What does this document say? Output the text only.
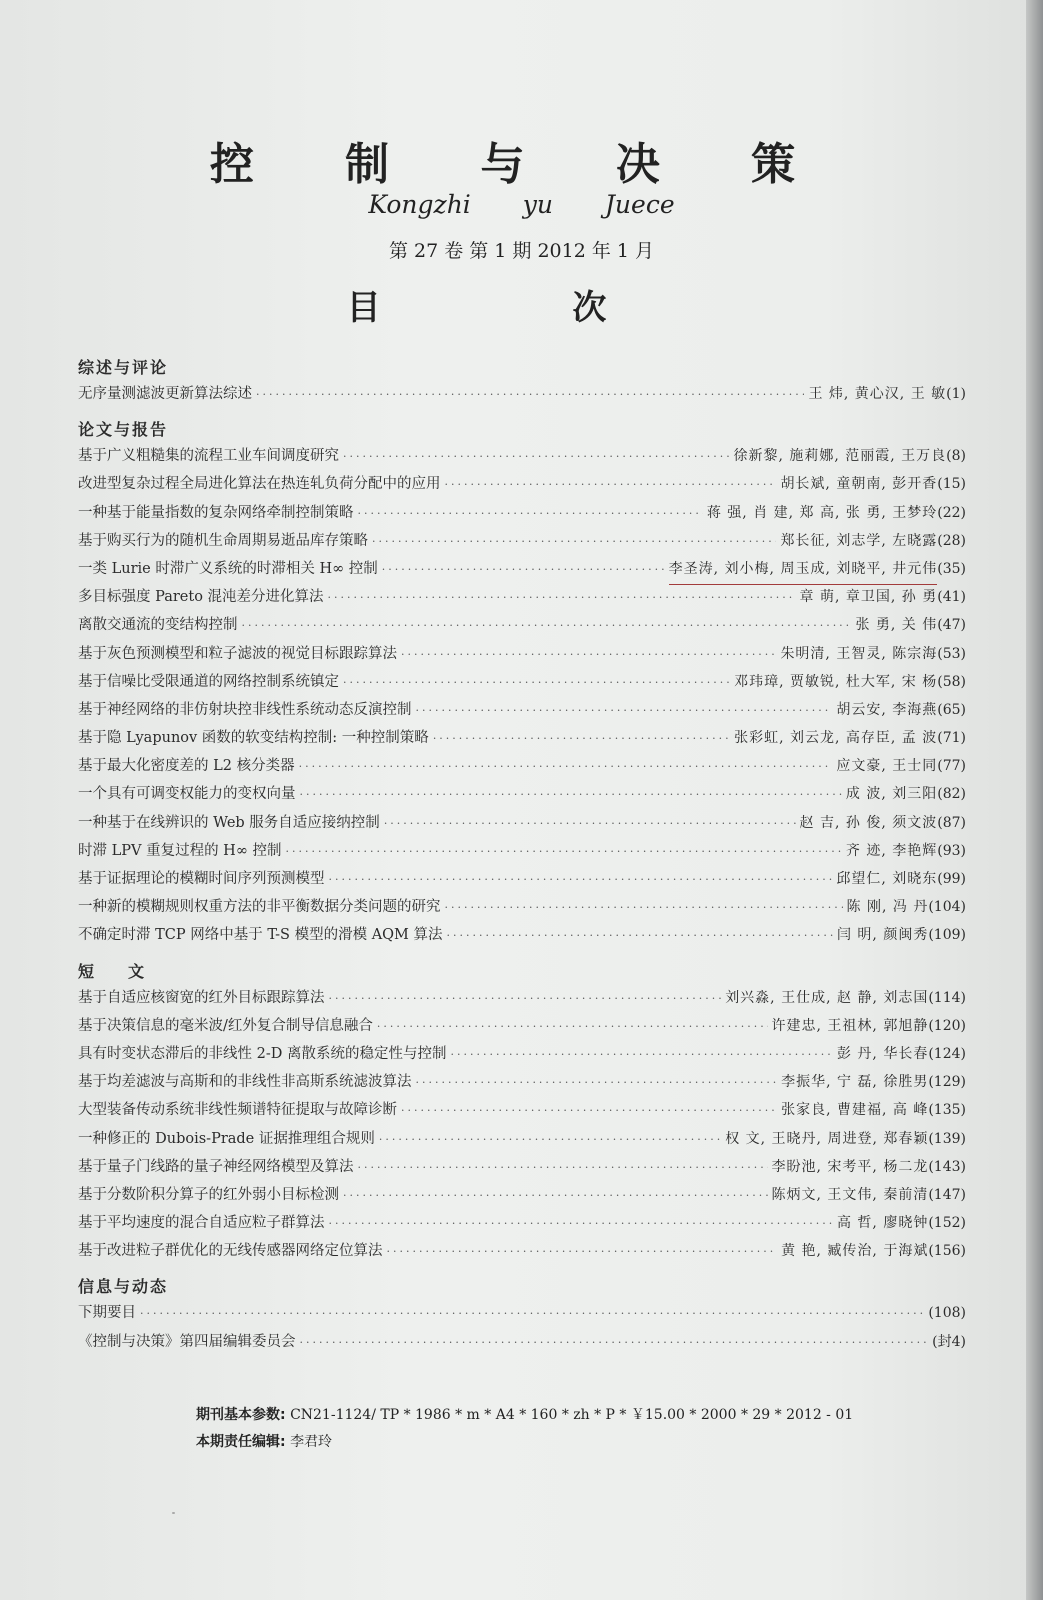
控 制 与 决 策
Kongzhi yu Juece
第 27 卷 第 1 期 2012 年 1 月
目 次
综述与评论
无序量测滤波更新算法综述 ·····	王 炜, 黄心汉, 王 敏 (1)
论文与报告
基于广义粗糙集的流程工业车间调度研究 ·····	徐新黎, 施莉娜, 范丽霞, 王万良 (8)
改进型复杂过程全局进化算法在热连轧负荷分配中的应用 ·····	胡长斌, 童朝南, 彭开香 (15)
一种基于能量指数的复杂网络牵制控制策略 ·····	蒋 强, 肖 建, 郑 高, 张 勇, 王梦玲 (22)
基于购买行为的随机生命周期易逝品库存策略 ·····	郑长征, 刘志学, 左晓露 (28)
一类 Lurie 时滞广义系统的时滞相关 H∞ 控制 ·····	李圣涛, 刘小梅, 周玉成, 刘晓平, 井元伟 (35)
多目标强度 Pareto 混沌差分进化算法 ·····	章 萌, 章卫国, 孙 勇 (41)
离散交通流的变结构控制 ·····	张 勇, 关 伟 (47)
基于灰色预测模型和粒子滤波的视觉目标跟踪算法 ·····	朱明清, 王智灵, 陈宗海 (53)
基于信噪比受限通道的网络控制系统镇定 ·····	邓玮璋, 贾敏锐, 杜大军, 宋 杨 (58)
基于神经网络的非仿射块控非线性系统动态反演控制 ·····	胡云安, 李海燕 (65)
基于隐 Lyapunov 函数的软变结构控制: 一种控制策略 ·····	张彩虹, 刘云龙, 高存臣, 孟 波 (71)
基于最大化密度差的 L2 核分类器 ·····	应文豪, 王士同 (77)
一个具有可调变权能力的变权向量 ·····	成 波, 刘三阳 (82)
一种基于在线辨识的 Web 服务自适应接纳控制 ·····	赵 吉, 孙 俊, 须文波 (87)
时滞 LPV 重复过程的 H∞ 控制 ·····	齐 迹, 李艳辉 (93)
基于证据理论的模糊时间序列预测模型 ·····	邱望仁, 刘晓东 (99)
一种新的模糊规则权重方法的非平衡数据分类问题的研究 ·····	陈 刚, 冯 丹 (104)
不确定时滞 TCP 网络中基于 T-S 模型的滑模 AQM 算法 ·····	闫 明, 颜闽秀 (109)
短文
基于自适应核窗宽的红外目标跟踪算法 ·····	刘兴淼, 王仕成, 赵 静, 刘志国 (114)
基于决策信息的毫米波/红外复合制导信息融合 ·····	许建忠, 王祖林, 郭旭静 (120)
具有时变状态滞后的非线性 2-D 离散系统的稳定性与控制 ·····	彭 丹, 华长春 (124)
基于均差滤波与高斯和的非线性非高斯系统滤波算法 ·····	李振华, 宁 磊, 徐胜男 (129)
大型装备传动系统非线性频谱特征提取与故障诊断 ·····	张家良, 曹建福, 高 峰 (135)
一种修正的 Dubois-Prade 证据推理组合规则 ·····	权 文, 王晓丹, 周进登, 郑春颖 (139)
基于量子门线路的量子神经网络模型及算法 ·····	李盼池, 宋考平, 杨二龙 (143)
基于分数阶积分算子的红外弱小目标检测 ·····	陈炳文, 王文伟, 秦前清 (147)
基于平均速度的混合自适应粒子群算法 ·····	高 哲, 廖晓钟 (152)
基于改进粒子群优化的无线传感器网络定位算法 ·····	黄 艳, 臧传治, 于海斌 (156)
信息与动态
下期要目 ·····	(108)
《控制与决策》第四届编辑委员会 ·····	(封4)
期刊基本参数: CN21-1124/ TP * 1986 * m * A4 * 160 * zh * P * ￥15.00 * 2000 * 29 * 2012 - 01
本期责任编辑: 李君玲
